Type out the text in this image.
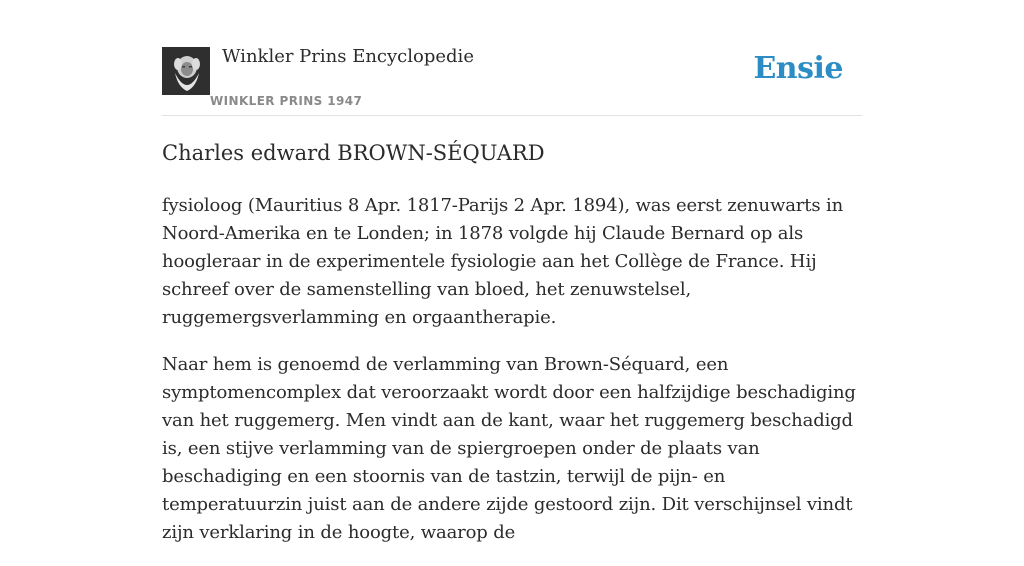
Winkler Prins Encyclopedie
WINKLER PRINS 1947
Ensie
Charles edward BROWN-SÉQUARD

fysioloog (Mauritius 8 Apr. 1817-Parijs 2 Apr. 1894), was eerst zenuwarts in Noord-Amerika en te Londen; in 1878 volgde hij Claude Bernard op als hoogleraar in de experimentele fysiologie aan het Collège de France. Hij schreef over de samenstelling van bloed, het zenuwstelsel, ruggemergsverlamming en orgaantherapie.

Naar hem is genoemd de verlamming van Brown-Séquard, een symptomencomplex dat veroorzaakt wordt door een halfzijdige beschadiging van het ruggemerg. Men vindt aan de kant, waar het ruggemerg beschadigd is, een stijve verlamming van de spiergroepen onder de plaats van beschadiging en een stoornis van de tastzin, terwijl de pijn- en temperatuurzin juist aan de andere zijde gestoord zijn. Dit verschijnsel vindt zijn verklaring in de hoogte, waarop de
